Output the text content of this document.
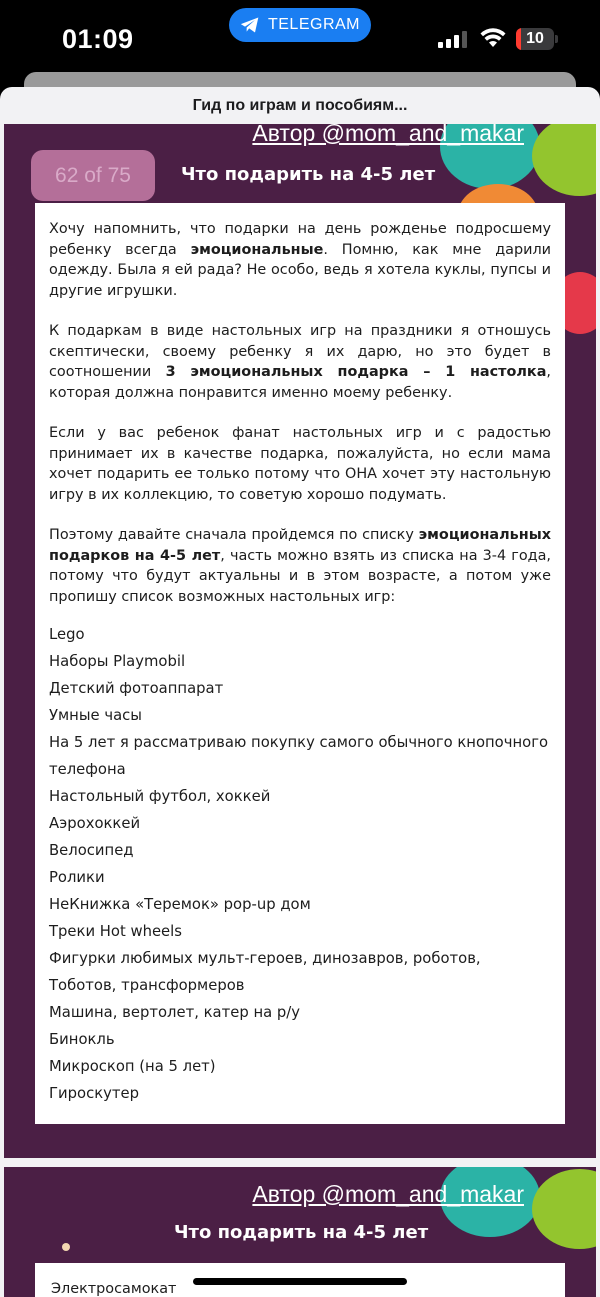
01:09	TELEGRAM
10
Гид по играм и пособиям...
62 of 75
Автор @mom_and_makar
Что подарить на 4-5 лет

Хочу напомнить, что подарки на день рожденье подросшему ребенку всегда эмоциональные. Помню, как мне дарили одежду. Была я ей рада? Не особо, ведь я хотела куклы, пупсы и другие игрушки.

К подаркам в виде настольных игр на праздники я отношусь скептически, своему ребенку я их дарю, но это будет в соотношении 3 эмоциональных подарка – 1 настолка, которая должна понравится именно моему ребенку.

Если у вас ребенок фанат настольных игр и с радостью принимает их в качестве подарка, пожалуйста, но если мама хочет подарить ее только потому что ОНА хочет эту настольную игру в их коллекцию, то советую хорошо подумать.

Поэтому давайте сначала пройдемся по списку эмоциональных подарков на 4-5 лет, часть можно взять из списка на 3-4 года, потому что будут актуальны и в этом возрасте, а потом уже пропишу список возможных настольных игр:

Lego
Наборы Playmobil
Детский фотоаппарат
Умные часы
На 5 лет я рассматриваю покупку самого обычного кнопочного телефона
Настольный футбол, хоккей
Аэрохоккей
Велосипед
Ролики
НеКнижка «Теремок» pop-up дом
Треки Hot wheels
Фигурки любимых мульт-героев, динозавров, роботов, Тоботов, трансформеров
Машина, вертолет, катер на р/у
Бинокль
Микроскоп (на 5 лет)
Гироскутер
Автор @mom_and_makar
Что подарить на 4-5 лет
Электросамокат
